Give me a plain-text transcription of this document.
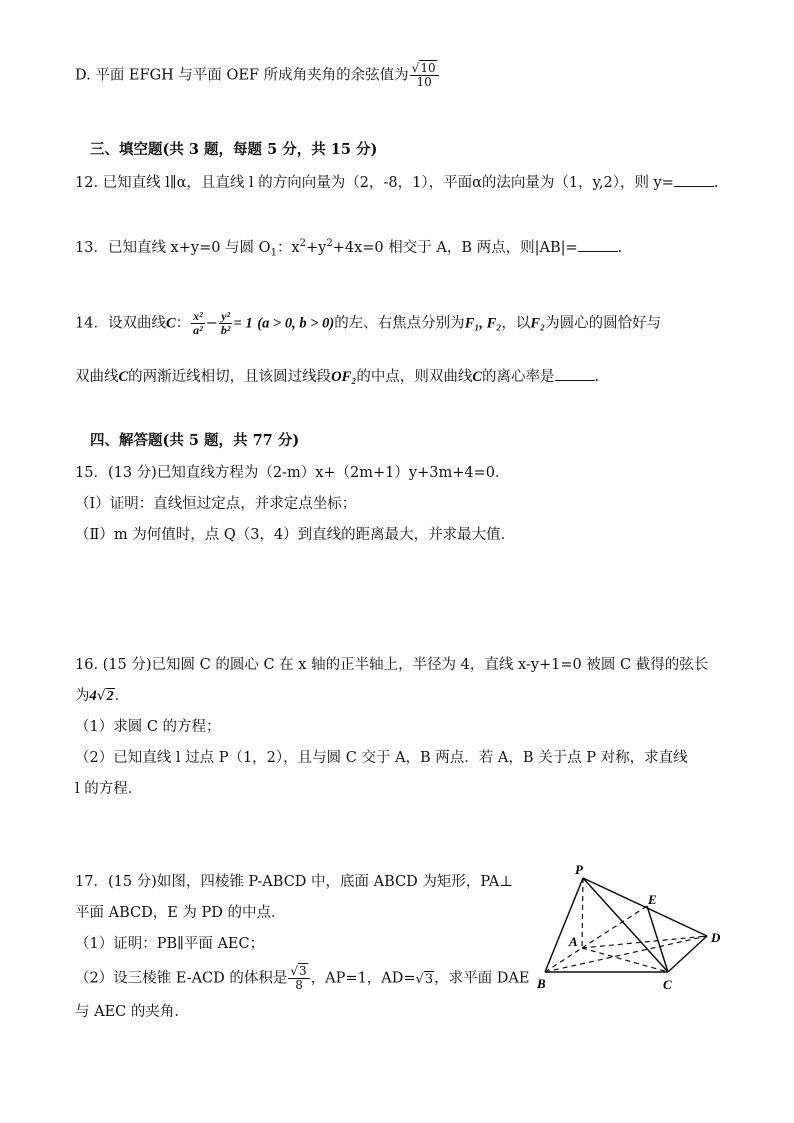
D. 平面 EFGH 与平面 OEF 所成角夹角的余弦值为 $\frac{√10}{10}$
三、填空题(共 3 题，每题 5 分，共 15 分)
12. 已知直线 l∥α，且直线 l 的方向向量为（2，-8，1），平面α的法向量为（1，y,2），则 y=	.
13．已知直线 x+y=0 与圆 $O_1$：$x^2+y^2+4x=0$ 相交于 A，B 两点，则|AB|=	.
14．设双曲线C： $\frac{\text{x²}}{\text{a²}} - \frac{\text{y²}}{\text{b²}} = 1$ (a > 0, b > 0)的左、右焦点分别为F₁, F₂，以F₂为圆心的圆恰好与
双曲线C的两渐近线相切，且该圆过线段OF₂的中点，则双曲线C的离心率是	.
四、解答题(共 5 题，共 77 分)
15．(13 分)已知直线方程为（2-m）x+（2m+1）y+3m+4=0．
（Ⅰ）证明：直线恒过定点，并求定点坐标；
（Ⅱ）m 为何值时，点 Q（3，4）到直线的距离最大，并求最大值．
16. (15 分)已知圆 C 的圆心 C 在 x 轴的正半轴上，半径为 4，直线 x-y+1=0 被圆 C 截得的弦长
为4√2．
（1）求圆 C 的方程；
（2）已知直线 l 过点 P（1，2），且与圆 C 交于 A，B 两点．若 A，B 关于点 P 对称，求直线
l 的方程．
17．(15 分)如图，四棱锥 P-ABCD 中，底面 ABCD 为矩形，PA⊥
平面 ABCD，E 为 PD 的中点．
（1）证明：PB∥平面 AEC；
（2）设三棱锥 E-ACD 的体积是 $\frac{√3}{8}$ ，AP=1，AD=√3，求平面 DAE
与 AEC 的夹角．
P
E
A	D
B	C
